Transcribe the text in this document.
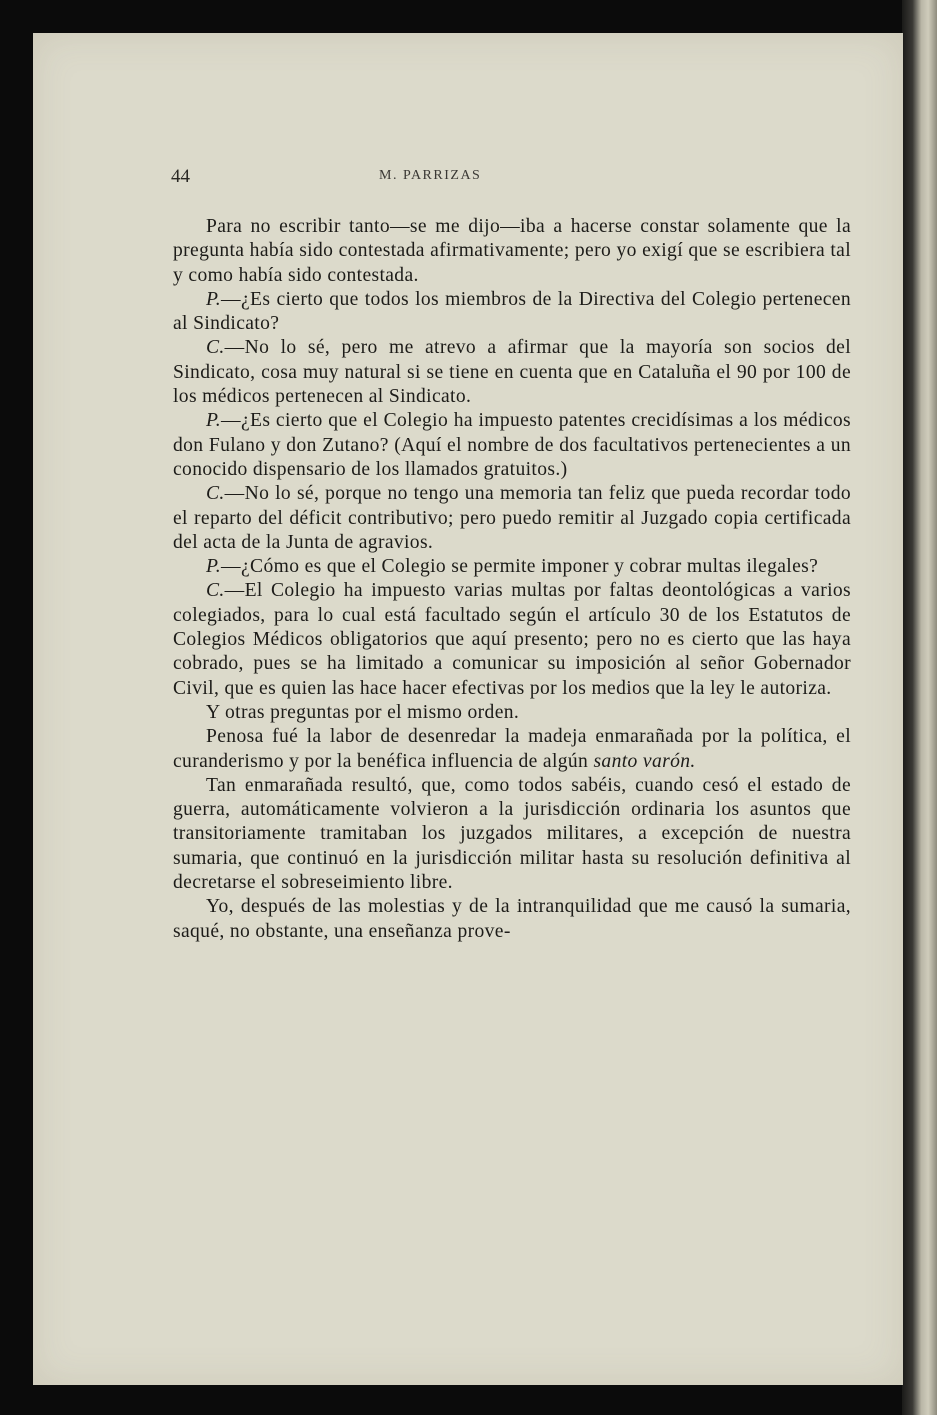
44	M. PARRIZAS

Para no escribir tanto—se me dijo—iba a hacerse constar solamente que la pregunta había sido contestada afirmativamente; pero yo exigí que se escribiera tal y como había sido contestada.

P.—¿Es cierto que todos los miembros de la Directiva del Colegio pertenecen al Sindicato?

C.—No lo sé, pero me atrevo a afirmar que la mayoría son socios del Sindicato, cosa muy natural si se tiene en cuenta que en Cataluña el 90 por 100 de los médicos pertenecen al Sindicato.

P.—¿Es cierto que el Colegio ha impuesto patentes crecidísimas a los médicos don Fulano y don Zutano? (Aquí el nombre de dos facultativos pertenecientes a un conocido dispensario de los llamados gratuitos.)

C.—No lo sé, porque no tengo una memoria tan feliz que pueda recordar todo el reparto del déficit contributivo; pero puedo remitir al Juzgado copia certificada del acta de la Junta de agravios.

P.—¿Cómo es que el Colegio se permite imponer y cobrar multas ilegales?

C.—El Colegio ha impuesto varias multas por faltas deontológicas a varios colegiados, para lo cual está facultado según el artículo 30 de los Estatutos de Colegios Médicos obligatorios que aquí presento; pero no es cierto que las haya cobrado, pues se ha limitado a comunicar su imposición al señor Gobernador Civil, que es quien las hace hacer efectivas por los medios que la ley le autoriza.

Y otras preguntas por el mismo orden.

Penosa fué la labor de desenredar la madeja enmarañada por la política, el curanderismo y por la benéfica influencia de algún santo varón.

Tan enmarañada resultó, que, como todos sabéis, cuando cesó el estado de guerra, automáticamente volvieron a la jurisdicción ordinaria los asuntos que transitoriamente tramitaban los juzgados militares, a excepción de nuestra sumaria, que continuó en la jurisdicción militar hasta su resolución definitiva al decretarse el sobreseimiento libre.

Yo, después de las molestias y de la intranquilidad que me causó la sumaria, saqué, no obstante, una enseñanza prove-
